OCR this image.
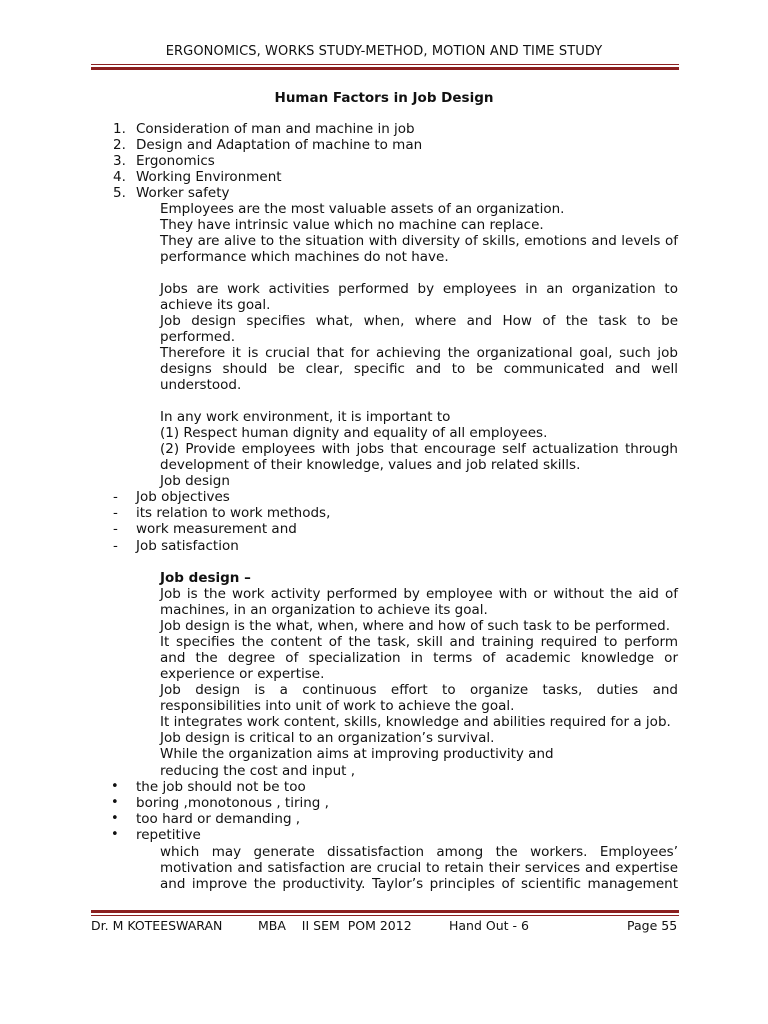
ERGONOMICS, WORKS STUDY-METHOD, MOTION AND TIME STUDY
Human Factors in Job Design
1. Consideration of man and machine in job
2. Design and Adaptation of machine to man
3. Ergonomics
4. Working Environment
5. Worker safety
Employees are the most valuable assets of an organization.
They have intrinsic value which no machine can replace.
They are alive to the situation with diversity of skills, emotions and levels of
performance which machines do not have.
Jobs are work activities performed by employees in an organization to
achieve its goal.
Job design specifies what, when, where and How of the task to be
performed.
Therefore it is crucial that for achieving the organizational goal, such job
designs should be clear, specific and to be communicated and well
understood.
In any work environment, it is important to
(1) Respect human dignity and equality of all employees.
(2) Provide employees with jobs that encourage self actualization through
development of their knowledge, values and job related skills.
Job design
- Job objectives
- its relation to work methods,
- work measurement and
- Job satisfaction
Job design –
Job is the work activity performed by employee with or without the aid of
machines, in an organization to achieve its goal.
Job design is the what, when, where and how of such task to be performed.
It specifies the content of the task, skill and training required to perform
and the degree of specialization in terms of academic knowledge or
experience or expertise.
Job design is a continuous effort to organize tasks, duties and
responsibilities into unit of work to achieve the goal.
It integrates work content, skills, knowledge and abilities required for a job.
Job design is critical to an organization’s survival.
While the organization aims at improving productivity and
reducing the cost and input ,
• the job should not be too
• boring ,monotonous , tiring ,
• too hard or demanding ,
• repetitive
which may generate dissatisfaction among the workers. Employees’
motivation and satisfaction are crucial to retain their services and expertise
and improve the productivity. Taylor’s principles of scientific management
Dr. M KOTEESWARAN	MBA    II SEM  POM 2012	Hand Out - 6	Page 55
